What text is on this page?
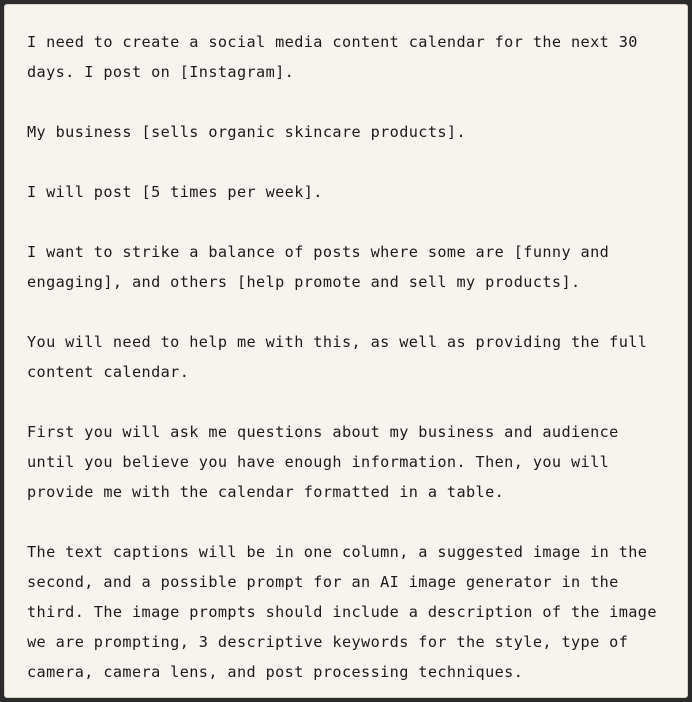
I need to create a social media content calendar for the next 30 days. I post on [Instagram].

My business [sells organic skincare products].

I will post [5 times per week].

I want to strike a balance of posts where some are [funny and engaging], and others [help promote and sell my products].

You will need to help me with this, as well as providing the full content calendar.

First you will ask me questions about my business and audience until you believe you have enough information. Then, you will provide me with the calendar formatted in a table.

The text captions will be in one column, a suggested image in the second, and a possible prompt for an AI image generator in the third. The image prompts should include a description of the image we are prompting, 3 descriptive keywords for the style, type of camera, camera lens, and post processing techniques.
